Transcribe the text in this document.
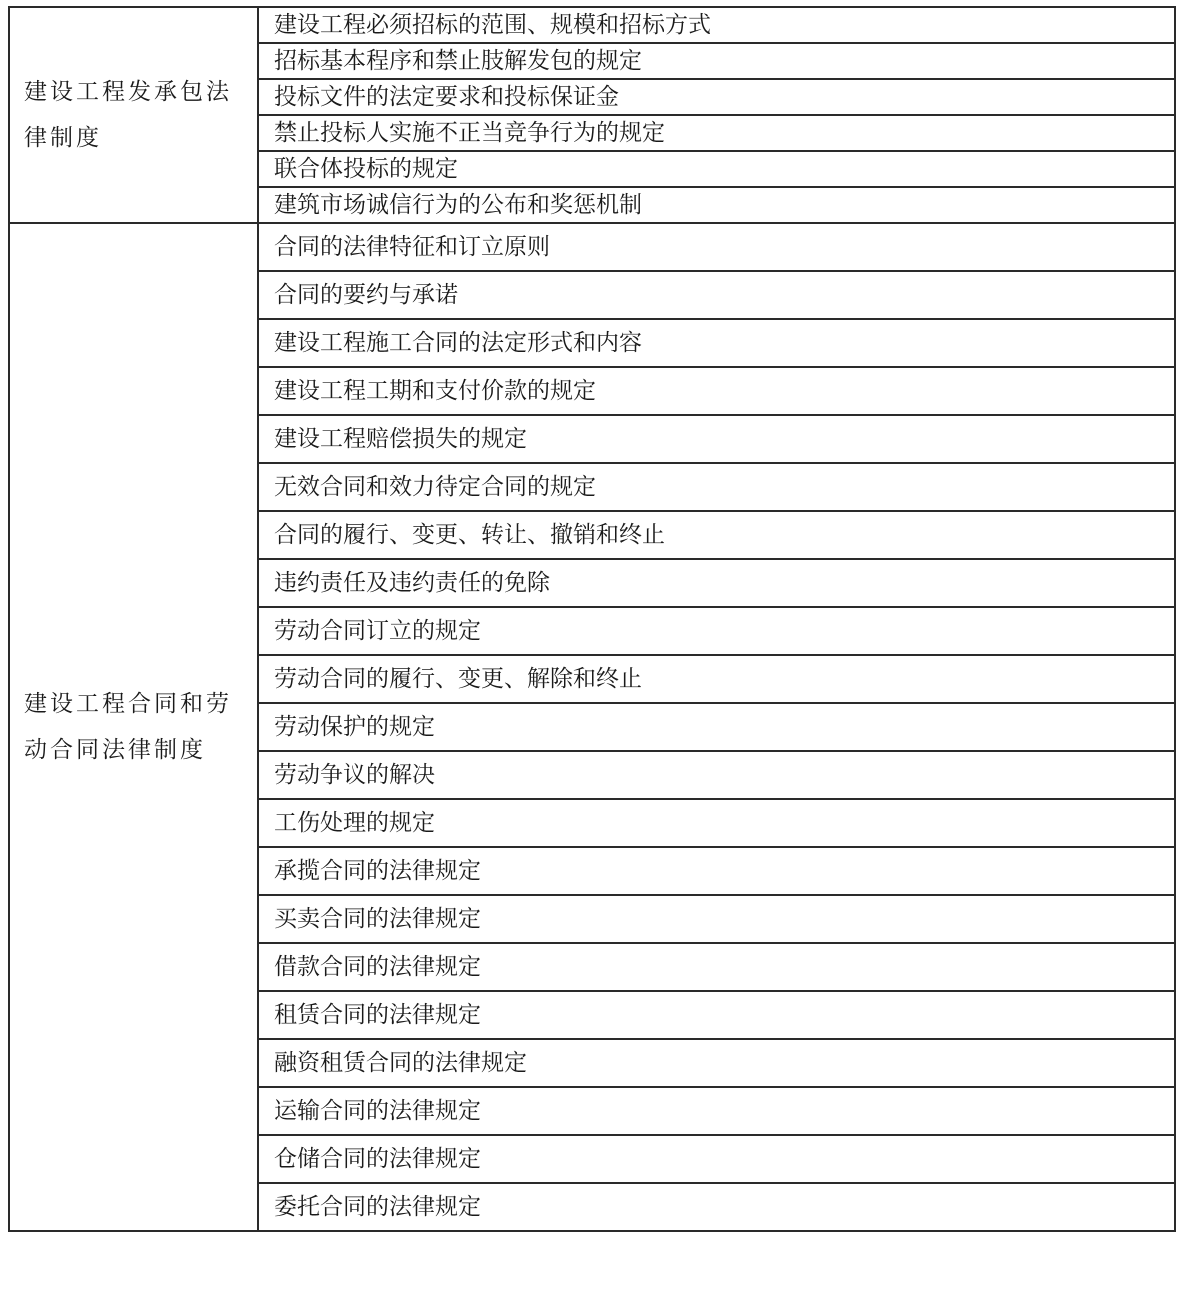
建设工程发承包法律制度	建设工程必须招标的范围、规模和招标方式
	招标基本程序和禁止肢解发包的规定
	投标文件的法定要求和投标保证金
	禁止投标人实施不正当竞争行为的规定
	联合体投标的规定
	建筑市场诚信行为的公布和奖惩机制
建设工程合同和劳动合同法律制度	合同的法律特征和订立原则
	合同的要约与承诺
	建设工程施工合同的法定形式和内容
	建设工程工期和支付价款的规定
	建设工程赔偿损失的规定
	无效合同和效力待定合同的规定
	合同的履行、变更、转让、撤销和终止
	违约责任及违约责任的免除
	劳动合同订立的规定
	劳动合同的履行、变更、解除和终止
	劳动保护的规定
	劳动争议的解决
	工伤处理的规定
	承揽合同的法律规定
	买卖合同的法律规定
	借款合同的法律规定
	租赁合同的法律规定
	融资租赁合同的法律规定
	运输合同的法律规定
	仓储合同的法律规定
	委托合同的法律规定
